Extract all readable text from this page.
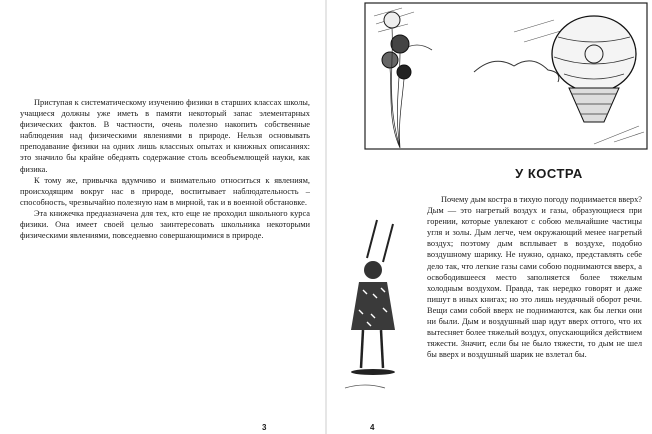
Приступая к систематическому изучению физики в старших классах школы, учащиеся должны уже иметь в памяти некоторый запас элементарных физических фактов. В частности, очень полезно накопить собственные наблюдения над физическими явлениями в природе. Нельзя основывать преподавание физики на одних лишь классных опытах и книжных описаниях: это значило бы крайне обеднять содержание столь всеобъемлющей науки, как физика.

К тому же, привычка вдумчиво и внимательно относиться к явлениям, происходящим вокруг нас в природе, воспитывает наблюдательность – способность, чрезвычайно полезную нам в мирной, так и в военной обстановке.

Эта книжечка предназначена для тех, кто еще не проходил школьного курса физики. Она имеет своей целью заинтересовать школьника некоторыми физическими явлениями, повседневно совершающимися в природе.

3
У КОСТРА

Почему дым костра в тихую погоду поднимается вверх? Дым — это нагретый воздух и газы, образующиеся при горении, которые увлекают с собою мельчайшие частицы угля и золы. Дым легче, чем окружающий менее нагретый воздух; поэтому дым всплывает в воздухе, подобно воздушному шарику. Не нужно, однако, представлять себе дело так, что легкие газы сами собою поднимаются вверх, а освободившееся место заполняется более тяжелым холодным воздухом. Правда, так нередко говорят и даже пишут в иных книгах; но это лишь неудачный оборот речи. Вещи сами собой вверх не поднимаются, как бы легки они ни были. Дым и воздушный шар идут вверх оттого, что их вытесняет более тяжелый воздух, опускающийся действием тяжести. Значит, если бы не было тяжести, то дым не шел бы вверх и воздушный шарик не взлетал бы.

4
